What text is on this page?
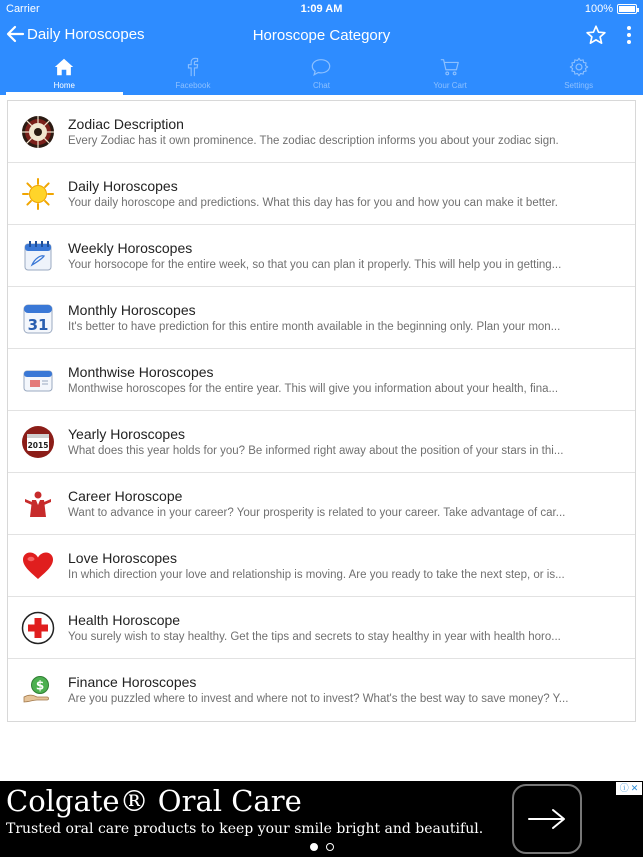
Carrier	1:09 AM	100%
Daily Horoscopes	Horoscope Category
Home	Facebook	Chat	Your Cart	Settings
Zodiac Description
Every Zodiac has it own prominence. The zodiac description informs you about your zodiac sign.
Daily Horoscopes
Your daily horoscope and predictions. What this day has for you and how you can make it better.
Weekly Horoscopes
Your horsocope for the entire week, so that you can plan it properly. This will help you in getting...
31
Monthly Horoscopes
It's better to have prediction for this entire month available in the beginning only. Plan your mon...
Monthwise Horoscopes
Monthwise horoscopes for the entire year. This will give you information about your health, fina...
2015
Yearly Horoscopes
What does this year holds for you? Be informed right away about the position of your stars in thi...
Career Horoscope
Want to advance in your career? Your prosperity is related to your career. Take advantage of car...
Love Horoscopes
In which direction your love and relationship is moving. Are you ready to take the next step, or is...
Health Horoscope
You surely wish to stay healthy. Get the tips and secrets to stay healthy in year with health horo...
$ Finance Horoscopes
Are you puzzled where to invest and where not to invest? What's the best way to save money? Y...
Colgate® Oral Care
Trusted oral care products to keep your smile bright and beautiful.
ⓘ ✕
